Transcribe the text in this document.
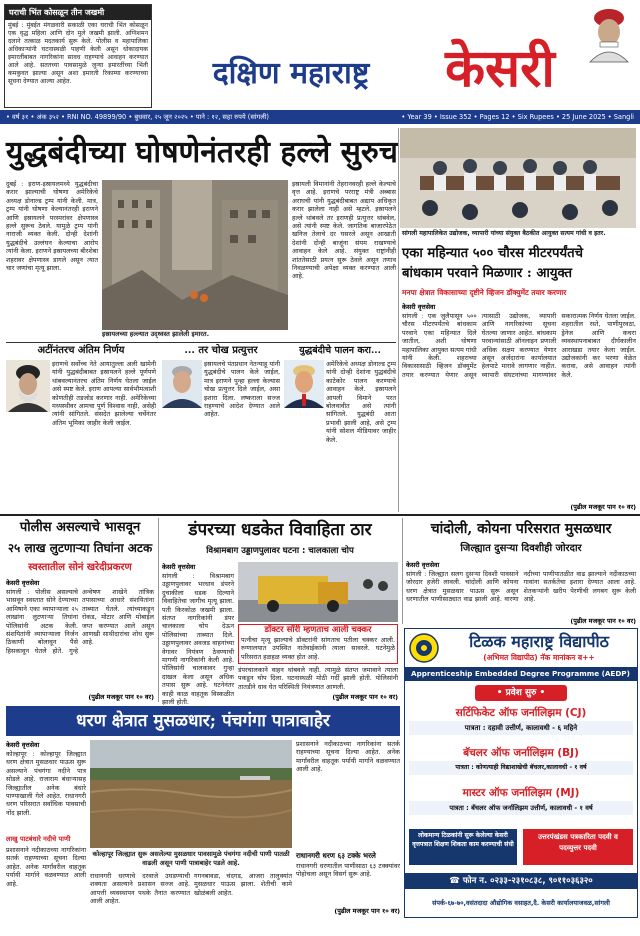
घराची भिंत कोसळून तीन जखमी
मुंबई : मुंबईत मंगळवारी सकाळी एका घराची भिंत कोसळून एक वृद्ध महिला आणि दोन मुले जखमी झाली. अग्निशमन दलाने तत्काळ मदतकार्य सुरू केले. पोलीस व महापालिका अधिकाऱ्यांनी घटनास्थळी पाहणी केली असून धोकादायक इमारतींबाबत नागरिकांना सावध राहण्याचे आवाहन करण्यात आले आहे. सततच्या पावसामुळे जुन्या इमारतींच्या भिंती कमकुवत झाल्या असून अशा इमारती रिकाम्या करण्याच्या सूचना देण्यात आल्या आहेत.	दक्षिण महाराष्ट्र	केसरी
• वर्ष ३१ • अंक ३५२ • RNI NO. 49899/90 • बुधवार, २५ जून २०२५ • पाने : १२, सहा रुपये (सांगली)	• Year 39 • Issue 352 • Pages 12 • Six Rupees • 25 June 2025 • Sangli
युद्धबंदीच्या घोषणेनंतरही हल्ले सुरुच
दुबई : इराण-इस्रायलमध्ये युद्धबंदीचा करार झाल्याची घोषणा अमेरिकेचे अध्यक्ष डोनाल्ड ट्रम्प यांनी केली. मात्र, ट्रम्प यांनी घोषणा केल्यानंतरही इराणने आणि इस्रायलने परस्परांवर क्षेपणास्त्र हल्ले सुरूच ठेवले. यामुळे ट्रम्प यांनी नाराजी व्यक्त केली. दोन्ही देशांनी युद्धबंदीचे उल्लंघन केल्याचा आरोप त्यांनी केला. इराणने इस्रायलच्या बीरशेबा शहरावर क्षेपणास्त्र डागले असून त्यात चार जणांचा मृत्यू झाला.
इस्रायलच्या हल्ल्यात उद्ध्वस्त झालेली इमारत.
इस्रायली विमानांनी तेहरानवरही हल्ले केल्याचे वृत्त आहे. इराणचे परराष्ट्र मंत्री अब्बास अराघची यांनी युद्धबंदीबाबत अद्याप अधिकृत करार झालेला नाही असे म्हटले. इस्रायलने हल्ले थांबवले तर इराणही प्रत्युत्तर थांबवेल, असे त्यांनी स्पष्ट केले. जागतिक बाजारपेठेत खनिज तेलाचे दर घसरले असून आखाती देशांनी दोन्ही बाजूंना संयम राखण्याचे आवाहन केले आहे. संयुक्त राष्ट्रांनीही शांततेसाठी प्रयत्न सुरू ठेवले असून तणाव निवळण्याची अपेक्षा व्यक्त करण्यात आली आहे.
सांगली महापालिकेत उद्योजक, व्यापारी यांच्या संयुक्त बैठकीत आयुक्त सत्यम गांधी व इतर.
अटींनंतरच अंतिम निर्णय
इराणचे सर्वोच्च नेते आयातुल्ला अली खामेनी यांनी युद्धबंदीबाबत इस्रायलने हल्ले पूर्णपणे थांबवल्यानंतरच अंतिम निर्णय घेतला जाईल असे स्पष्ट केले. इराण आपल्या सार्वभौमत्वाशी कोणतीही तडजोड करणार नाही. अमेरिकेच्या मध्यस्थीवर आमचा पूर्ण विश्वास नाही, असेही त्यांनी सांगितले. संसदेत झालेल्या चर्चेनंतर अंतिम भूमिका जाहीर केली जाईल.
... तर चोख प्रत्युत्तर
इस्रायलचे पंतप्रधान नेतन्याहू यांनी युद्धबंदीचे पालन केले जाईल, मात्र इराणने पुन्हा हल्ला केल्यास चोख प्रत्युत्तर दिले जाईल, असा इशारा दिला. लष्कराला सज्ज राहण्याचे आदेश देण्यात आले आहेत.
युद्धबंदीचे पालन करा...
अमेरिकेचे अध्यक्ष डोनाल्ड ट्रम्प यांनी दोन्ही देशांना युद्धबंदीचे काटेकोर पालन करण्याचे आवाहन केले. इस्रायलने आपली विमाने परत बोलवावीत असे त्यांनी सांगितले. युद्धबंदी आता प्रभावी झाली आहे, असे ट्रम्प यांनी सोशल मीडियावर जाहीर केले.
एका महिन्यात ५०० चौरस मीटरपर्यंतचे
बांधकाम परवाने मिळणार : आयुक्त
मनपा क्षेत्रात विकासाच्या दृष्टीने व्हिजन डॉक्युमेंट तयार करणार
केसरी वृत्तसेवा
सांगली : एक जुलैपासून ५०० चौरस मीटरपर्यंतचे बांधकाम परवाने एका महिन्यात दिले जातील, अशी घोषणा महापालिका आयुक्त सत्यम गांधी यांनी केली. शहराच्या विकासासाठी व्हिजन डॉक्युमेंट तयार करण्यात येणार असून त्यासाठी उद्योजक, व्यापारी आणि नागरिकांच्या सूचना घेतल्या जाणार आहेत. बांधकाम परवान्यांसाठी ऑनलाइन प्रणाली अधिक सक्षम करण्यात येणार असून अर्जदारांना कार्यालयात हेलपाटे मारावे लागणार नाहीत. व्यापारी संघटनांच्या मागण्यांवर सकारात्मक निर्णय घेतला जाईल. शहरातील रस्ते, पाणीपुरवठा, ड्रेनेज आणि कचरा व्यवस्थापनाबाबत दीर्घकालीन आराखडा तयार केला जाईल. उद्योजकांनी कर भरणा वेळेत करावा, असे आवाहन त्यांनी केले.
(पुढील मजकूर पान १० वर)
पोलीस असल्याचे भासवून
२५ लाख लुटणाऱ्या तिघांना अटक
स्वस्तातील सोनं खरेदीप्रकरण
केसरी वृत्तसेवा
सांगली : पोलीस असल्याचे भासवून स्वस्तात सोने देण्याच्या आमिषाने एका व्यापाऱ्याला २५ लाखांना लुटणाऱ्या तिघांना पोलिसांनी अटक केली. संशयितांनी व्यापाऱ्याला निर्जन ठिकाणी बोलावून पैसे हिसकावून घेतले होते. गुन्हे अन्वेषण शाखेने तांत्रिक तपासाच्या आधारे संशयितांना ताब्यात घेतले. त्यांच्याकडून रोकड, मोटार आणि मोबाईल जप्त करण्यात आले असून आणखी साथीदारांचा शोध सुरू आहे.
(पुढील मजकूर पान १० वर)
डंपरच्या धडकेत विवाहिता ठार
विश्रामबाग उड्डाणपुलावर घटना : चालकाला चोप
केसरी वृत्तसेवा
सांगली : विश्रामबाग उड्डाणपुलावर भरधाव डंपरने दुचाकीला धडक दिल्याने विवाहितेचा जागीच मृत्यू झाला. पती किरकोळ जखमी झाला. संतप्त नागरिकांनी डंपर चालकाला चोप देऊन पोलिसांच्या ताब्यात दिले. उड्डाणपुलावर अवजड वाहनांच्या वेगावर नियंत्रण ठेवण्याची मागणी नागरिकांनी केली आहे. पोलिसांनी चालकावर गुन्हा दाखल केला असून अधिक तपास सुरू आहे. घटनेनंतर काही काळ वाहतूक विस्कळीत झाली होती.
डॉक्टर सॉरी म्हणताच आली चक्कर
पत्नीचा मृत्यू झाल्याचे डॉक्टरांनी सांगताच पतीला चक्कर आली. रुग्णालयात उपस्थित नातेवाईकांनी त्याला सावरले. घटनेमुळे परिसरात हळहळ व्यक्त होत आहे.
डंपरचालकाने वाहन थांबवले नाही. त्यामुळे संतप्त जमावाने त्याला पकडून चोप दिला. घटनास्थळी मोठी गर्दी झाली होती. पोलिसांनी तातडीने धाव घेत परिस्थिती नियंत्रणात आणली.
(पुढील मजकूर पान १० वर)
चांदोली, कोयना परिसरात मुसळधार
जिल्ह्यात दुसऱ्या दिवशीही जोरदार
केसरी वृत्तसेवा
सांगली : जिल्ह्यात सलग दुसऱ्या दिवशी पावसाने जोरदार हजेरी लावली. चांदोली आणि कोयना धरण क्षेत्रात मुसळधार पाऊस सुरू असून धरणातील पाणीसाठ्यात वाढ झाली आहे. वारणा नदीच्या पाणीपातळीत वाढ झाल्याने नदीकाठच्या गावांना सतर्कतेचा इशारा देण्यात आला आहे. शेतकऱ्यांनी खरीप पेरणीची लगबग सुरू केली आहे.
(पुढील मजकूर पान १० वर)
टिळक महाराष्ट्र विद्यापीठ
(अभिमत विद्यापीठ) नॅक मानांकन ब++
Apprenticeship Embedded Degree Programme (AEDP)
• प्रवेश सुरु •
सर्टिफिकेट ऑफ जर्नालिझम (CJ)
पात्रता : दहावी उत्तीर्ण, कालावधी - ६ महिने
बॅचलर ऑफ जर्नालिझम (BJ)
पात्रता : कोणत्याही विद्याशाखेची बॅचलर,कालावधी - १ वर्ष
मास्टर ऑफ जर्नालिझम (MJ)
पात्रता : बॅचलर ऑफ जर्नालिझम उत्तीर्ण, कालावधी - १ वर्ष
लोकमान्य टिळकांनी सुरू केलेल्या केसरी वृत्तपत्रात शिक्षण शिकता काम करण्याची संधी
उत्तरपंखंडस पत्रकारिता पदवी व पदव्युत्तर पदवी
☎ फोन न. ०२३३-२३१०८३८, ९०११०३६३२०
संपर्क-६७-७०,वसंतदादा औद्योगिक वसाहत,दै. केसरी कार्यालयाजवळ,सांगली
धरण क्षेत्रात मुसळधार; पंचगंगा पात्राबाहेर
केसरी वृत्तसेवा
कोल्हापूर : कोल्हापूर जिल्ह्यात धरण क्षेत्रात मुसळधार पाऊस सुरू असल्याने पंचगंगा नदीने पात्र सोडले आहे. राजाराम बंधाऱ्यासह जिल्ह्यातील अनेक बंधारे पाण्याखाली गेले आहेत. राधानगरी धरण परिसरात सर्वाधिक पावसाची नोंद झाली.
लाखु पाटबंधारे नदीचे पाणी
प्रशासनाने नदीकाठच्या नागरिकांना सतर्क राहण्याच्या सूचना दिल्या आहेत. अनेक मार्गांवरील वाहतूक पर्यायी मार्गाने वळवण्यात आली आहे.
कोल्हापूर जिल्ह्यात सुरू असलेल्या मुसळधार पावसामुळे पंचगंगा नदीची पाणी पातळी वाढली असून पाणी पात्राबाहेर पडले आहे.
राधानगरी धरणाचे दरवाजे उघडण्याची शक्यता असल्याने प्रशासन सज्ज आहे. आपत्ती व्यवस्थापन पथके तैनात करण्यात आली आहेत.
गगनबावडा, चंदगड, आजरा तालुक्यांत मुसळधार पाऊस झाला. शेतीची कामे खोळंबली आहेत.
प्रशासनाने नदीकाठच्या नागरिकांना सतर्क राहण्याच्या सूचना दिल्या आहेत. अनेक मार्गांवरील वाहतूक पर्यायी मार्गाने वळवण्यात आली आहे.
राधानगरी धरण ६३ टक्के भरले
राधानगरी धरणातील पाणीसाठा ६३ टक्क्यांवर पोहोचला असून विसर्ग सुरू आहे.
(पुढील मजकूर पान १० वर)
